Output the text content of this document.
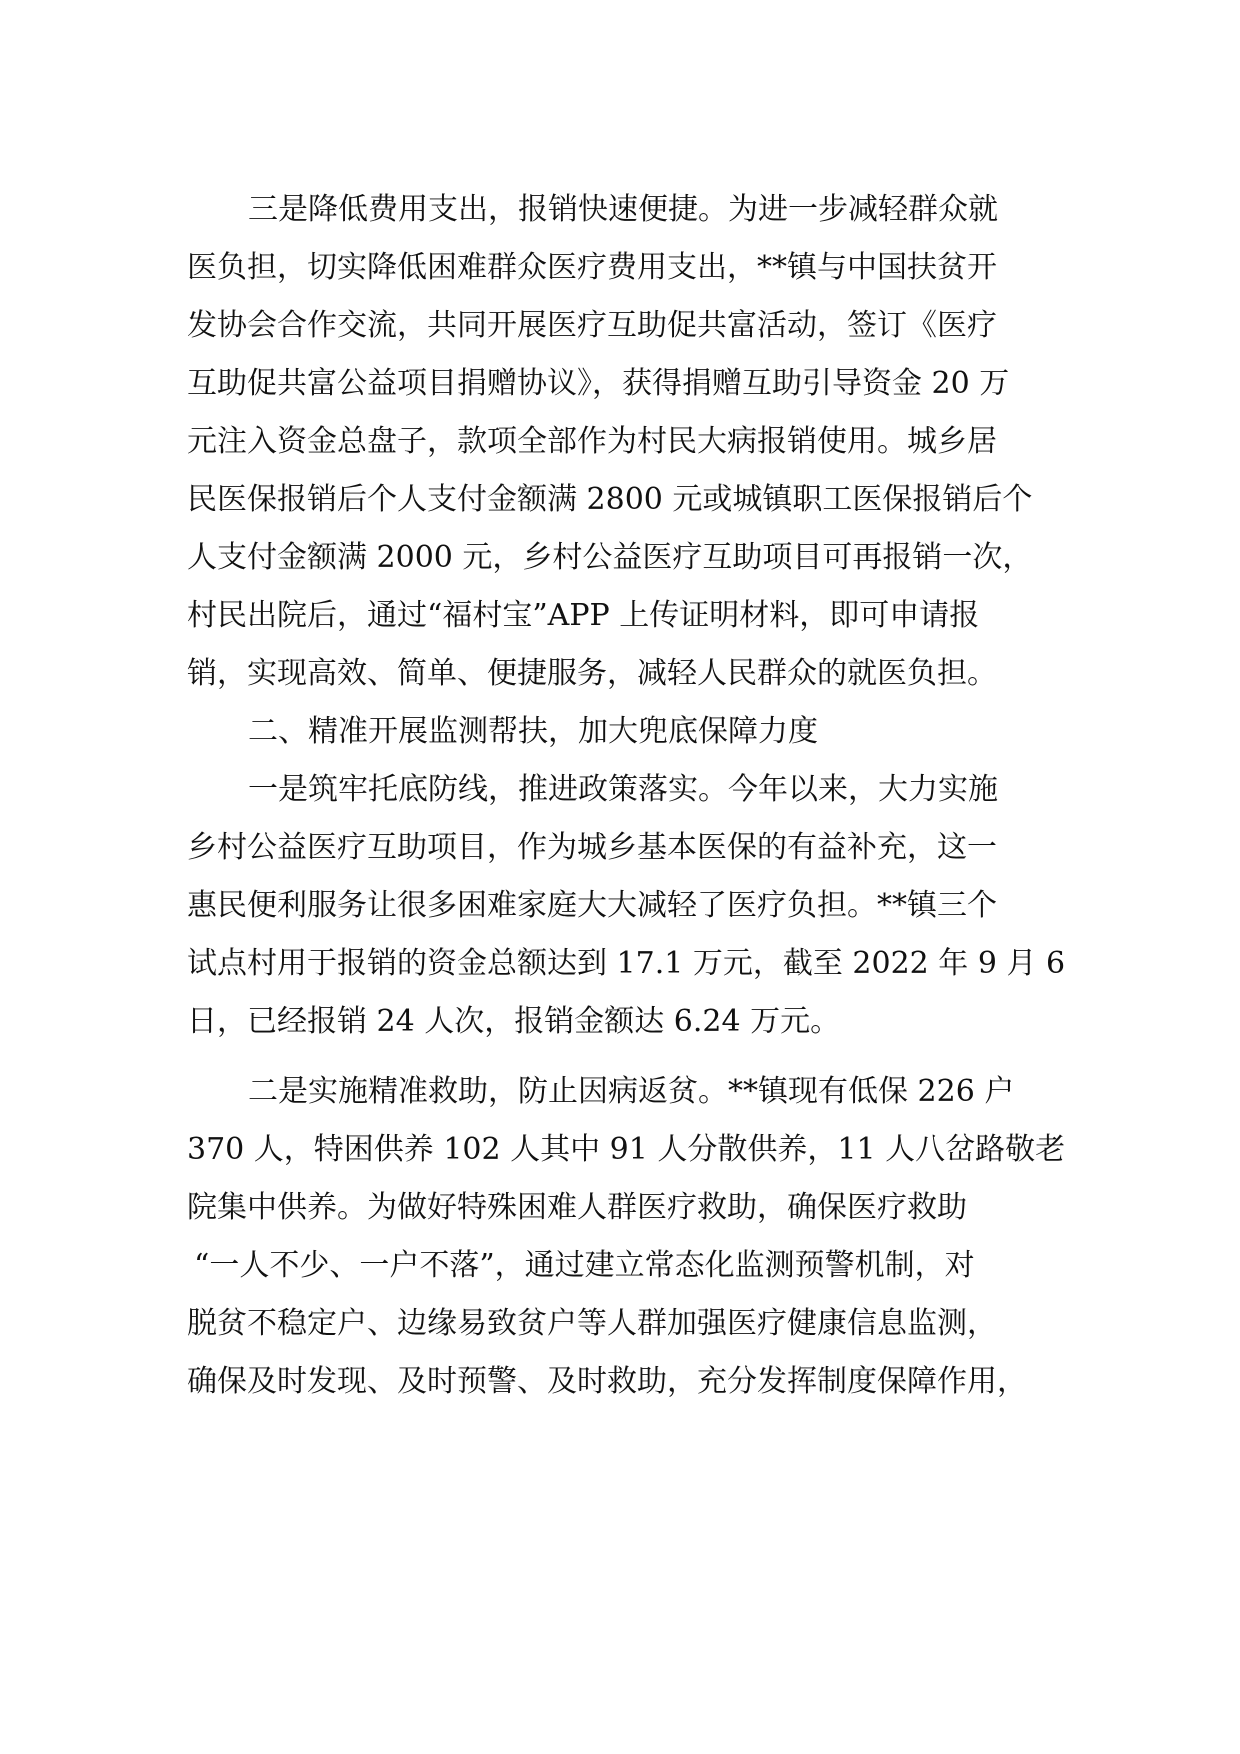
三是降低费用支出，报销快速便捷。为进一步减轻群众就
医负担，切实降低困难群众医疗费用支出，**镇与中国扶贫开
发协会合作交流，共同开展医疗互助促共富活动，签订《医疗
互助促共富公益项目捐赠协议》，获得捐赠互助引导资金 20 万
元注入资金总盘子，款项全部作为村民大病报销使用。城乡居
民医保报销后个人支付金额满 2800 元或城镇职工医保报销后个
人支付金额满 2000 元，乡村公益医疗互助项目可再报销一次，
村民出院后，通过“福村宝”APP 上传证明材料，即可申请报
销，实现高效、简单、便捷服务，减轻人民群众的就医负担。
二、精准开展监测帮扶，加大兜底保障力度
一是筑牢托底防线，推进政策落实。今年以来，大力实施
乡村公益医疗互助项目，作为城乡基本医保的有益补充，这一
惠民便利服务让很多困难家庭大大减轻了医疗负担。**镇三个
试点村用于报销的资金总额达到 17.1 万元，截至 2022 年 9 月 6
日，已经报销 24 人次，报销金额达 6.24 万元。
二是实施精准救助，防止因病返贫。**镇现有低保 226 户
370 人，特困供养 102 人其中 91 人分散供养，11 人八岔路敬老
院集中供养。为做好特殊困难人群医疗救助，确保医疗救助
“一人不少、一户不落”，通过建立常态化监测预警机制，对
脱贫不稳定户、边缘易致贫户等人群加强医疗健康信息监测，
确保及时发现、及时预警、及时救助，充分发挥制度保障作用，
